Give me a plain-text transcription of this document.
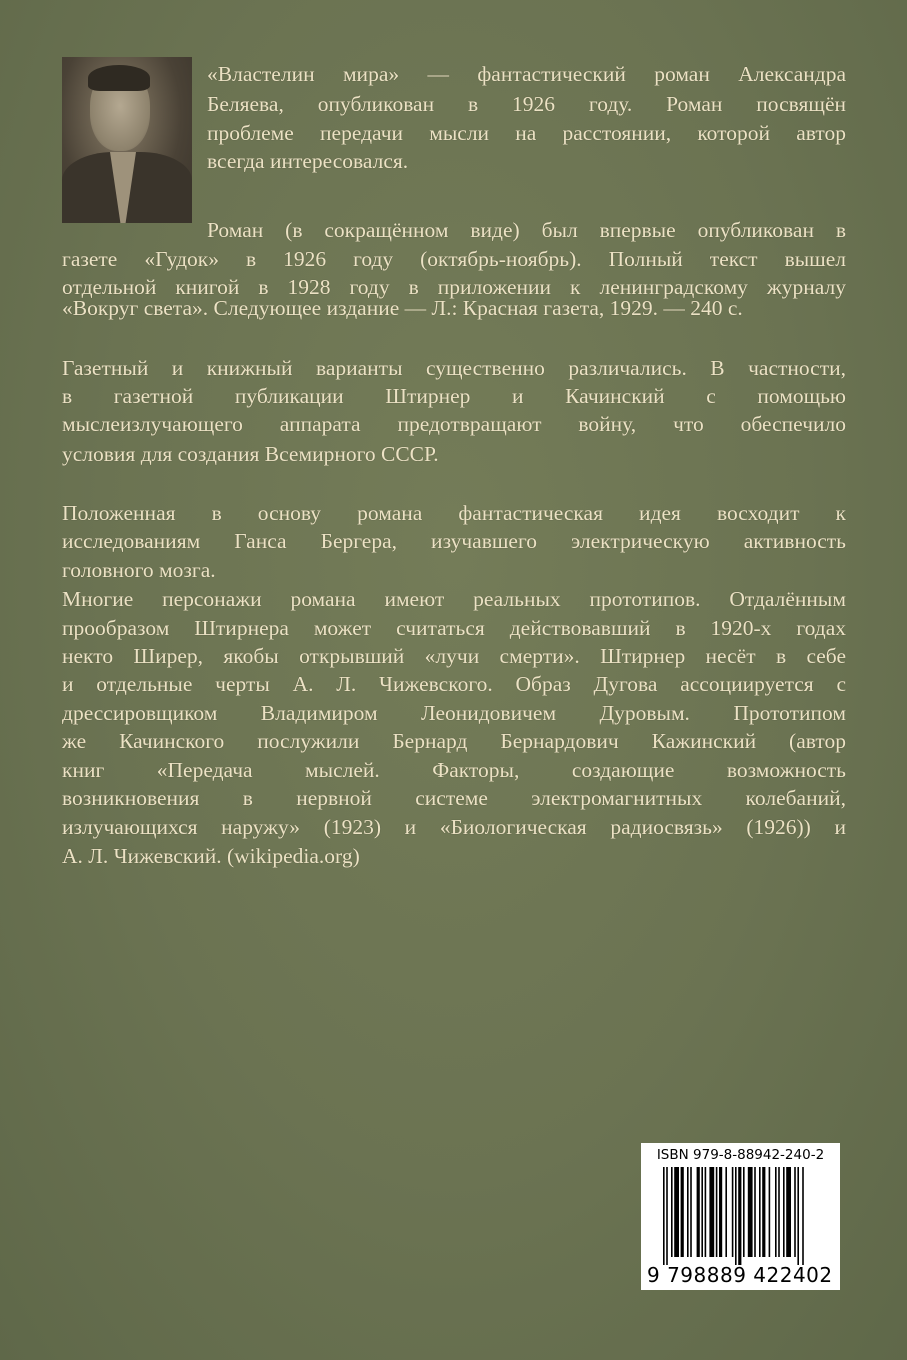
«Властелин мира» — фантастический роман Александра
Беляева, опубликован в 1926 году. Роман посвящён
проблеме передачи мысли на расстоянии, которой автор
всегда интересовался.
Роман (в сокращённом виде) был впервые опубликован в
газете «Гудок» в 1926 году (октябрь-ноябрь). Полный текст вышел
отдельной книгой в 1928 году в приложении к ленинградскому журналу
«Вокруг света». Следующее издание — Л.: Красная газета, 1929. — 240 с.
Газетный и книжный варианты существенно различались. В частности,
в газетной публикации Штирнер и Качинский с помощью
мыслеизлучающего аппарата предотвращают войну, что обеспечило
условия для создания Всемирного СССР.
Положенная в основу романа фантастическая идея восходит к
исследованиям Ганса Бергера, изучавшего электрическую активность
головного мозга.
Многие персонажи романа имеют реальных прототипов. Отдалённым
прообразом Штирнера может считаться действовавший в 1920-х годах
некто Ширер, якобы открывший «лучи смерти». Штирнер несёт в себе
и отдельные черты А. Л. Чижевского. Образ Дугова ассоциируется с
дрессировщиком Владимиром Леонидовичем Дуровым. Прототипом
же Качинского послужили Бернард Бернардович Кажинский (автор
книг «Передача мыслей. Факторы, создающие возможность
возникновения в нервной системе электромагнитных колебаний,
излучающихся наружу» (1923) и «Биологическая радиосвязь» (1926)) и
А. Л. Чижевский. (wikipedia.org)
ISBN 979-8-88942-240-2
9 798889 422402
